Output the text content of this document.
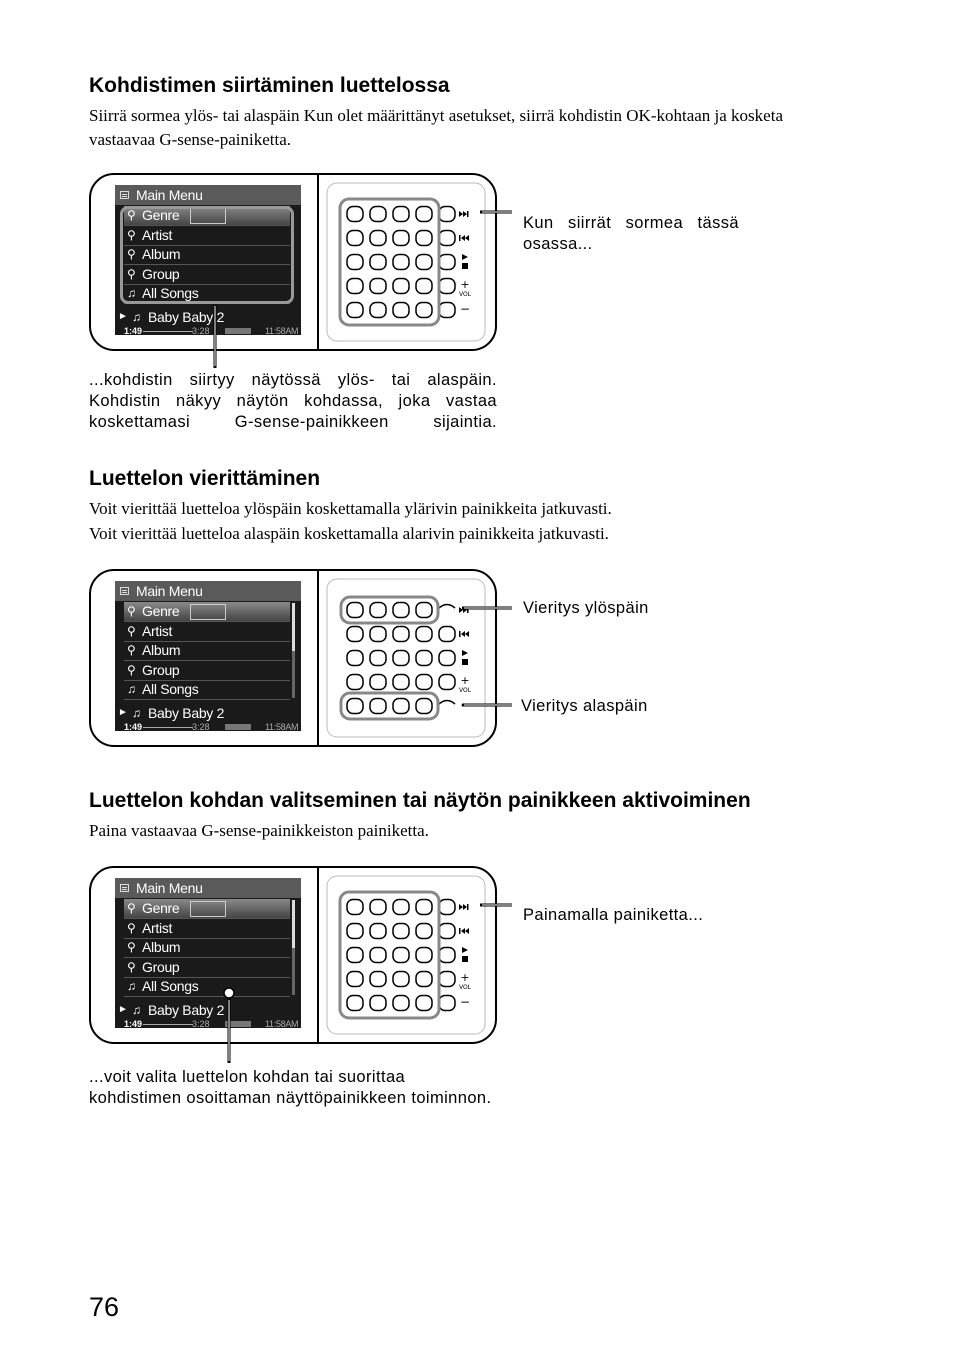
Kohdistimen siirtäminen luettelossa

Siirrä sormea ylös- tai alaspäin Kun olet määrittänyt asetukset, siirrä kohdistin OK-kohtaan ja kosketa vastaavaa G-sense-painiketta.

+
VOL
−
Main Menu
⚲ Genre
⚲ Artist
⚲ Album
⚲ Group
♫ All Songs
► ♫ Baby Baby 2
1:49	3:28	11:58AM
Kun siirrät sormea tässä
osassa...
...kohdistin siirtyy näytössä ylös- tai alaspäin.
Kohdistin näkyy näytön kohdassa, joka vastaa
koskettamasi G-sense-painikkeen sijaintia.
Luettelon vierittäminen

Voit vierittää luetteloa ylöspäin koskettamalla ylärivin painikkeita jatkuvasti.

Voit vierittää luetteloa alaspäin koskettamalla alarivin painikkeita jatkuvasti.

+
VOL
−
Main Menu
⚲ Genre
⚲ Artist
⚲ Album
⚲ Group
♫ All Songs
► ♫ Baby Baby 2
1:49	3:28	11:58AM
Vieritys ylöspäin
Vieritys alaspäin
Luettelon kohdan valitseminen tai näytön painikkeen aktivoiminen

Paina vastaavaa G-sense-painikkeiston painiketta.

+
VOL
−
Main Menu
⚲ Genre
⚲ Artist
⚲ Album
⚲ Group
♫ All Songs
► ♫ Baby Baby 2
1:49	3:28	11:58AM
Painamalla painiketta...
...voit valita luettelon kohdan tai suorittaa
kohdistimen osoittaman näyttöpainikkeen toiminnon.

76
